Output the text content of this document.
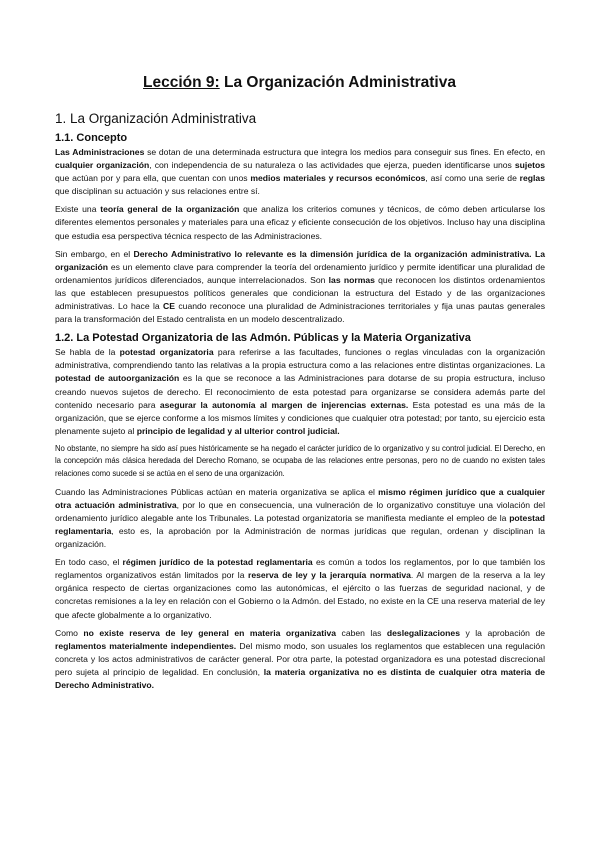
Lección 9: La Organización Administrativa
1. La Organización Administrativa
1.1. Concepto

Las Administraciones se dotan de una determinada estructura que integra los medios para conseguir sus fines. En efecto, en cualquier organización, con independencia de su naturaleza o las actividades que ejerza, pueden identificarse unos sujetos que actúan por y para ella, que cuentan con unos medios materiales y recursos económicos, así como una serie de reglas que disciplinan su actuación y sus relaciones entre sí.

Existe una teoría general de la organización que analiza los criterios comunes y técnicos, de cómo deben articularse los diferentes elementos personales y materiales para una eficaz y eficiente consecución de los objetivos. Incluso hay una disciplina que estudia esa perspectiva técnica respecto de las Administraciones.

Sin embargo, en el Derecho Administrativo lo relevante es la dimensión jurídica de la organización administrativa. La organización es un elemento clave para comprender la teoría del ordenamiento jurídico y permite identificar una pluralidad de ordenamientos jurídicos diferenciados, aunque interrelacionados. Son las normas que reconocen los distintos ordenamientos las que establecen presupuestos políticos generales que condicionan la estructura del Estado y de las organizaciones administrativas. Lo hace la CE cuando reconoce una pluralidad de Administraciones territoriales y fija unas pautas generales para la transformación del Estado centralista en un modelo descentralizado.

1.2. La Potestad Organizatoria de las Admón. Públicas y la Materia Organizativa

Se habla de la potestad organizatoria para referirse a las facultades, funciones o reglas vinculadas con la organización administrativa, comprendiendo tanto las relativas a la propia estructura como a las relaciones entre distintas organizaciones. La potestad de autoorganización es la que se reconoce a las Administraciones para dotarse de su propia estructura, incluso creando nuevos sujetos de derecho. El reconocimiento de esta potestad para organizarse se considera además parte del contenido necesario para asegurar la autonomía al margen de injerencias externas. Esta potestad es una más de la organización, que se ejerce conforme a los mismos límites y condiciones que cualquier otra potestad; por tanto, su ejercicio esta plenamente sujeto al principio de legalidad y al ulterior control judicial.

No obstante, no siempre ha sido así pues históricamente se ha negado el carácter jurídico de lo organizativo y su control judicial. El Derecho, en la concepción más clásica heredada del Derecho Romano, se ocupaba de las relaciones entre personas, pero no de cuando no existen tales relaciones como sucede si se actúa en el seno de una organización.

Cuando las Administraciones Públicas actúan en materia organizativa se aplica el mismo régimen jurídico que a cualquier otra actuación administrativa, por lo que en consecuencia, una vulneración de lo organizativo constituye una violación del ordenamiento jurídico alegable ante los Tribunales. La potestad organizatoria se manifiesta mediante el empleo de la potestad reglamentaria, esto es, la aprobación por la Administración de normas jurídicas que regulan, ordenan y disciplinan la organización.

En todo caso, el régimen jurídico de la potestad reglamentaria es común a todos los reglamentos, por lo que también los reglamentos organizativos están limitados por la reserva de ley y la jerarquía normativa. Al margen de la reserva a la ley orgánica respecto de ciertas organizaciones como las autonómicas, el ejército o las fuerzas de seguridad nacional, y de concretas remisiones a la ley en relación con el Gobierno o la Admón. del Estado, no existe en la CE una reserva material de ley que afecte globalmente a lo organizativo.

Como no existe reserva de ley general en materia organizativa caben las deslegalizaciones y la aprobación de reglamentos materialmente independientes. Del mismo modo, son usuales los reglamentos que establecen una regulación concreta y los actos administrativos de carácter general. Por otra parte, la potestad organizadora es una potestad discrecional pero sujeta al principio de legalidad. En conclusión, la materia organizativa no es distinta de cualquier otra materia de Derecho Administrativo.
